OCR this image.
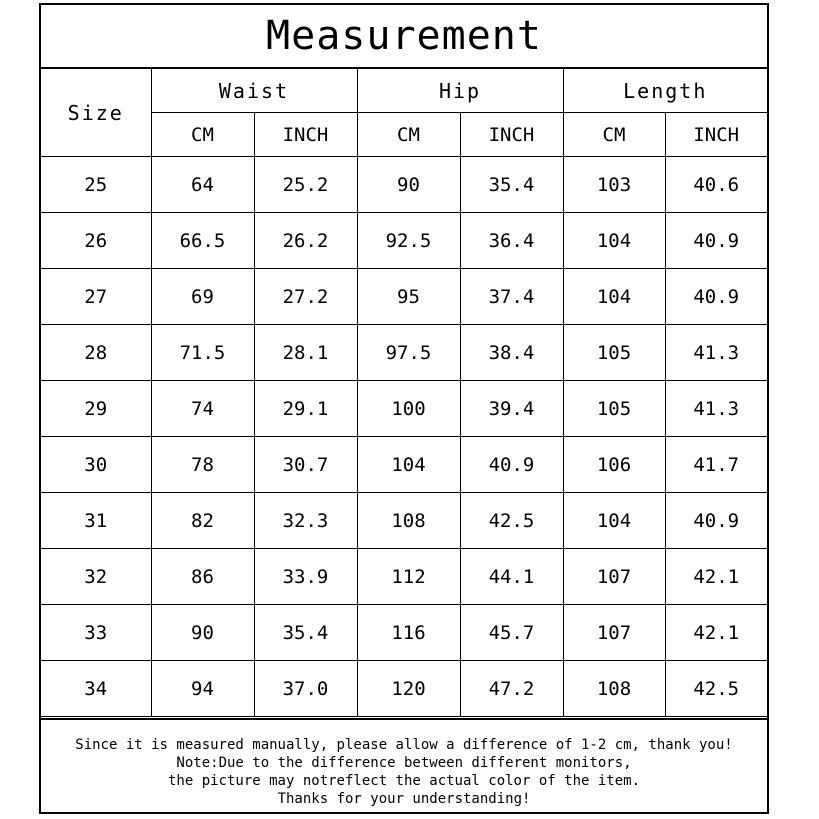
Measurement
Size	Waist		Hip		Length	
	CM	INCH	CM	INCH	CM	INCH
25	64	25.2	90	35.4	103	40.6
26	66.5	26.2	92.5	36.4	104	40.9
27	69	27.2	95	37.4	104	40.9
28	71.5	28.1	97.5	38.4	105	41.3
29	74	29.1	100	39.4	105	41.3
30	78	30.7	104	40.9	106	41.7
31	82	32.3	108	42.5	104	40.9
32	86	33.9	112	44.1	107	42.1
33	90	35.4	116	45.7	107	42.1
34	94	37.0	120	47.2	108	42.5
Since it is measured manually, please allow a difference of 1-2 cm, thank you!
Note:Due to the difference between different monitors,
the picture may notreflect the actual color of the item.
Thanks for your understanding!
